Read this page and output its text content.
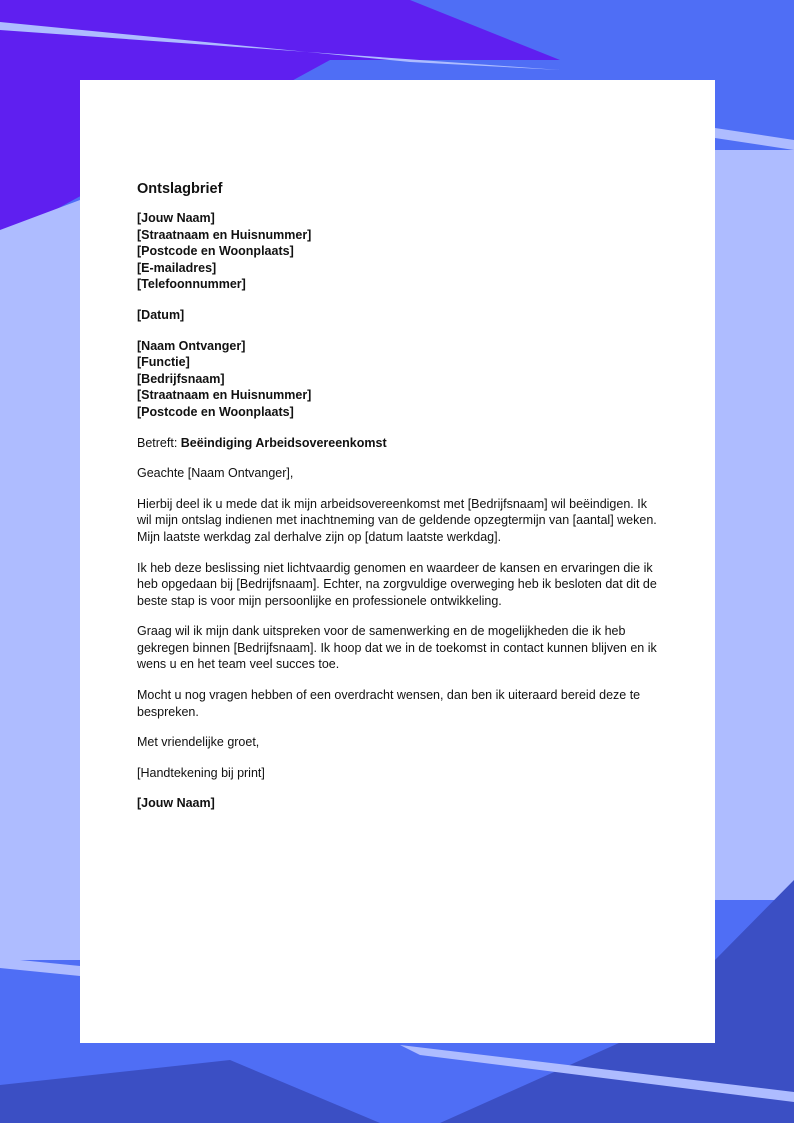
Ontslagbrief
[Jouw Naam]
[Straatnaam en Huisnummer]
[Postcode en Woonplaats]
[E-mailadres]
[Telefoonnummer]
[Datum]
[Naam Ontvanger]
[Functie]
[Bedrijfsnaam]
[Straatnaam en Huisnummer]
[Postcode en Woonplaats]
Betreft: Beëindiging Arbeidsovereenkomst
Geachte [Naam Ontvanger],
Hierbij deel ik u mede dat ik mijn arbeidsovereenkomst met [Bedrijfsnaam] wil beëindigen. Ik wil mijn ontslag indienen met inachtneming van de geldende opzegtermijn van [aantal] weken. Mijn laatste werkdag zal derhalve zijn op [datum laatste werkdag].
Ik heb deze beslissing niet lichtvaardig genomen en waardeer de kansen en ervaringen die ik heb opgedaan bij [Bedrijfsnaam]. Echter, na zorgvuldige overweging heb ik besloten dat dit de beste stap is voor mijn persoonlijke en professionele ontwikkeling.
Graag wil ik mijn dank uitspreken voor de samenwerking en de mogelijkheden die ik heb gekregen binnen [Bedrijfsnaam]. Ik hoop dat we in de toekomst in contact kunnen blijven en ik wens u en het team veel succes toe.
Mocht u nog vragen hebben of een overdracht wensen, dan ben ik uiteraard bereid deze te bespreken.
Met vriendelijke groet,
[Handtekening bij print]
[Jouw Naam]
